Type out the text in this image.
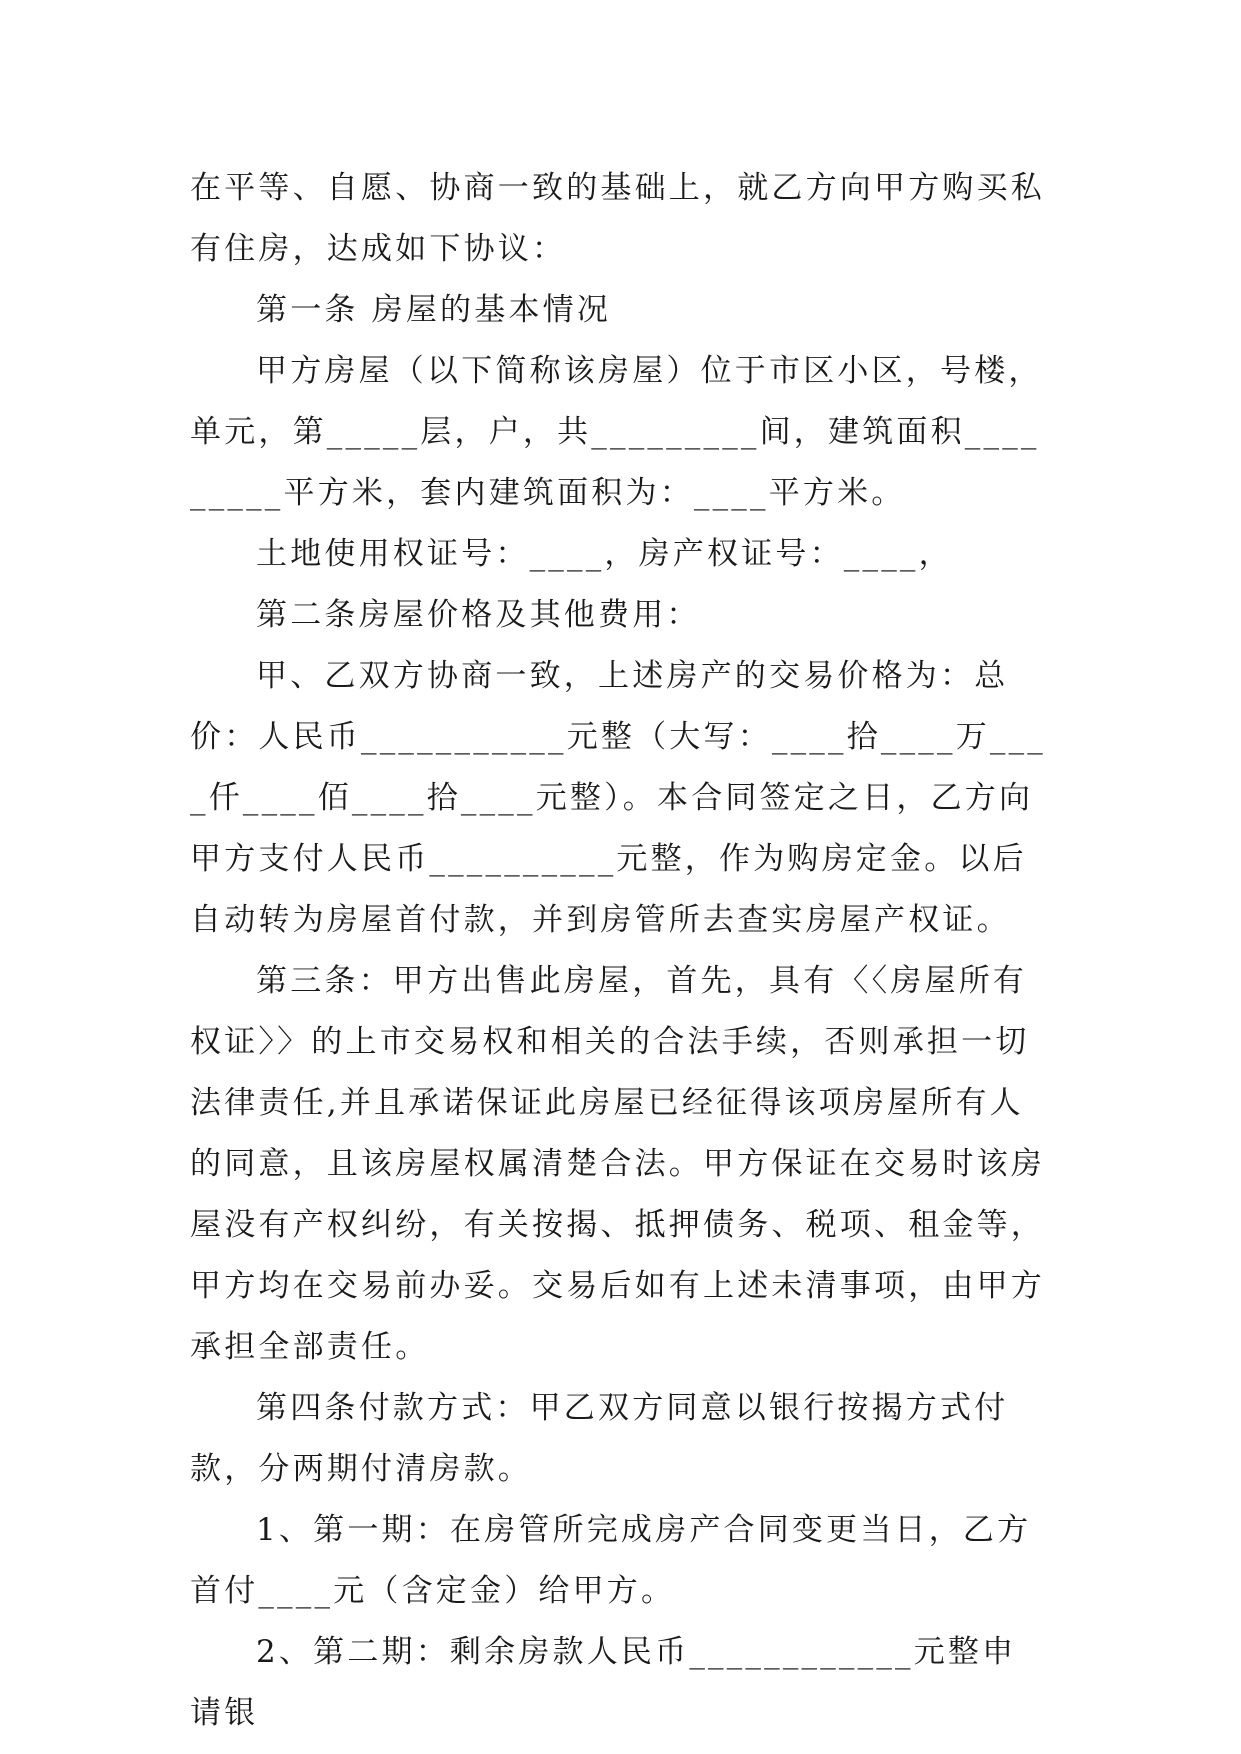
在平等、自愿、协商一致的基础上，就乙方向甲方购买私有住房，达成如下协议：

第一条 房屋的基本情况

甲方房屋（以下简称该房屋）位于市区小区，号楼，单元，第_____层，户，共_________间，建筑面积_________平方米，套内建筑面积为：____平方米。

土地使用权证号：____，房产权证号：____，

第二条房屋价格及其他费用：

甲、乙双方协商一致，上述房产的交易价格为：总价：人民币___________元整（大写：____拾____万____仟____佰____拾____元整）。本合同签定之日，乙方向甲方支付人民币__________元整，作为购房定金。以后自动转为房屋首付款，并到房管所去查实房屋产权证。

第三条：甲方出售此房屋，首先，具有〈〈房屋所有权证〉〉的上市交易权和相关的合法手续，否则承担一切法律责任,并且承诺保证此房屋已经征得该项房屋所有人的同意，且该房屋权属清楚合法。甲方保证在交易时该房屋没有产权纠纷，有关按揭、抵押债务、税项、租金等，甲方均在交易前办妥。交易后如有上述未清事项，由甲方承担全部责任。

第四条付款方式：甲乙双方同意以银行按揭方式付款，分两期付清房款。

1、第一期：在房管所完成房产合同变更当日，乙方首付____元（含定金）给甲方。

2、第二期：剩余房款人民币____________元整申请银
